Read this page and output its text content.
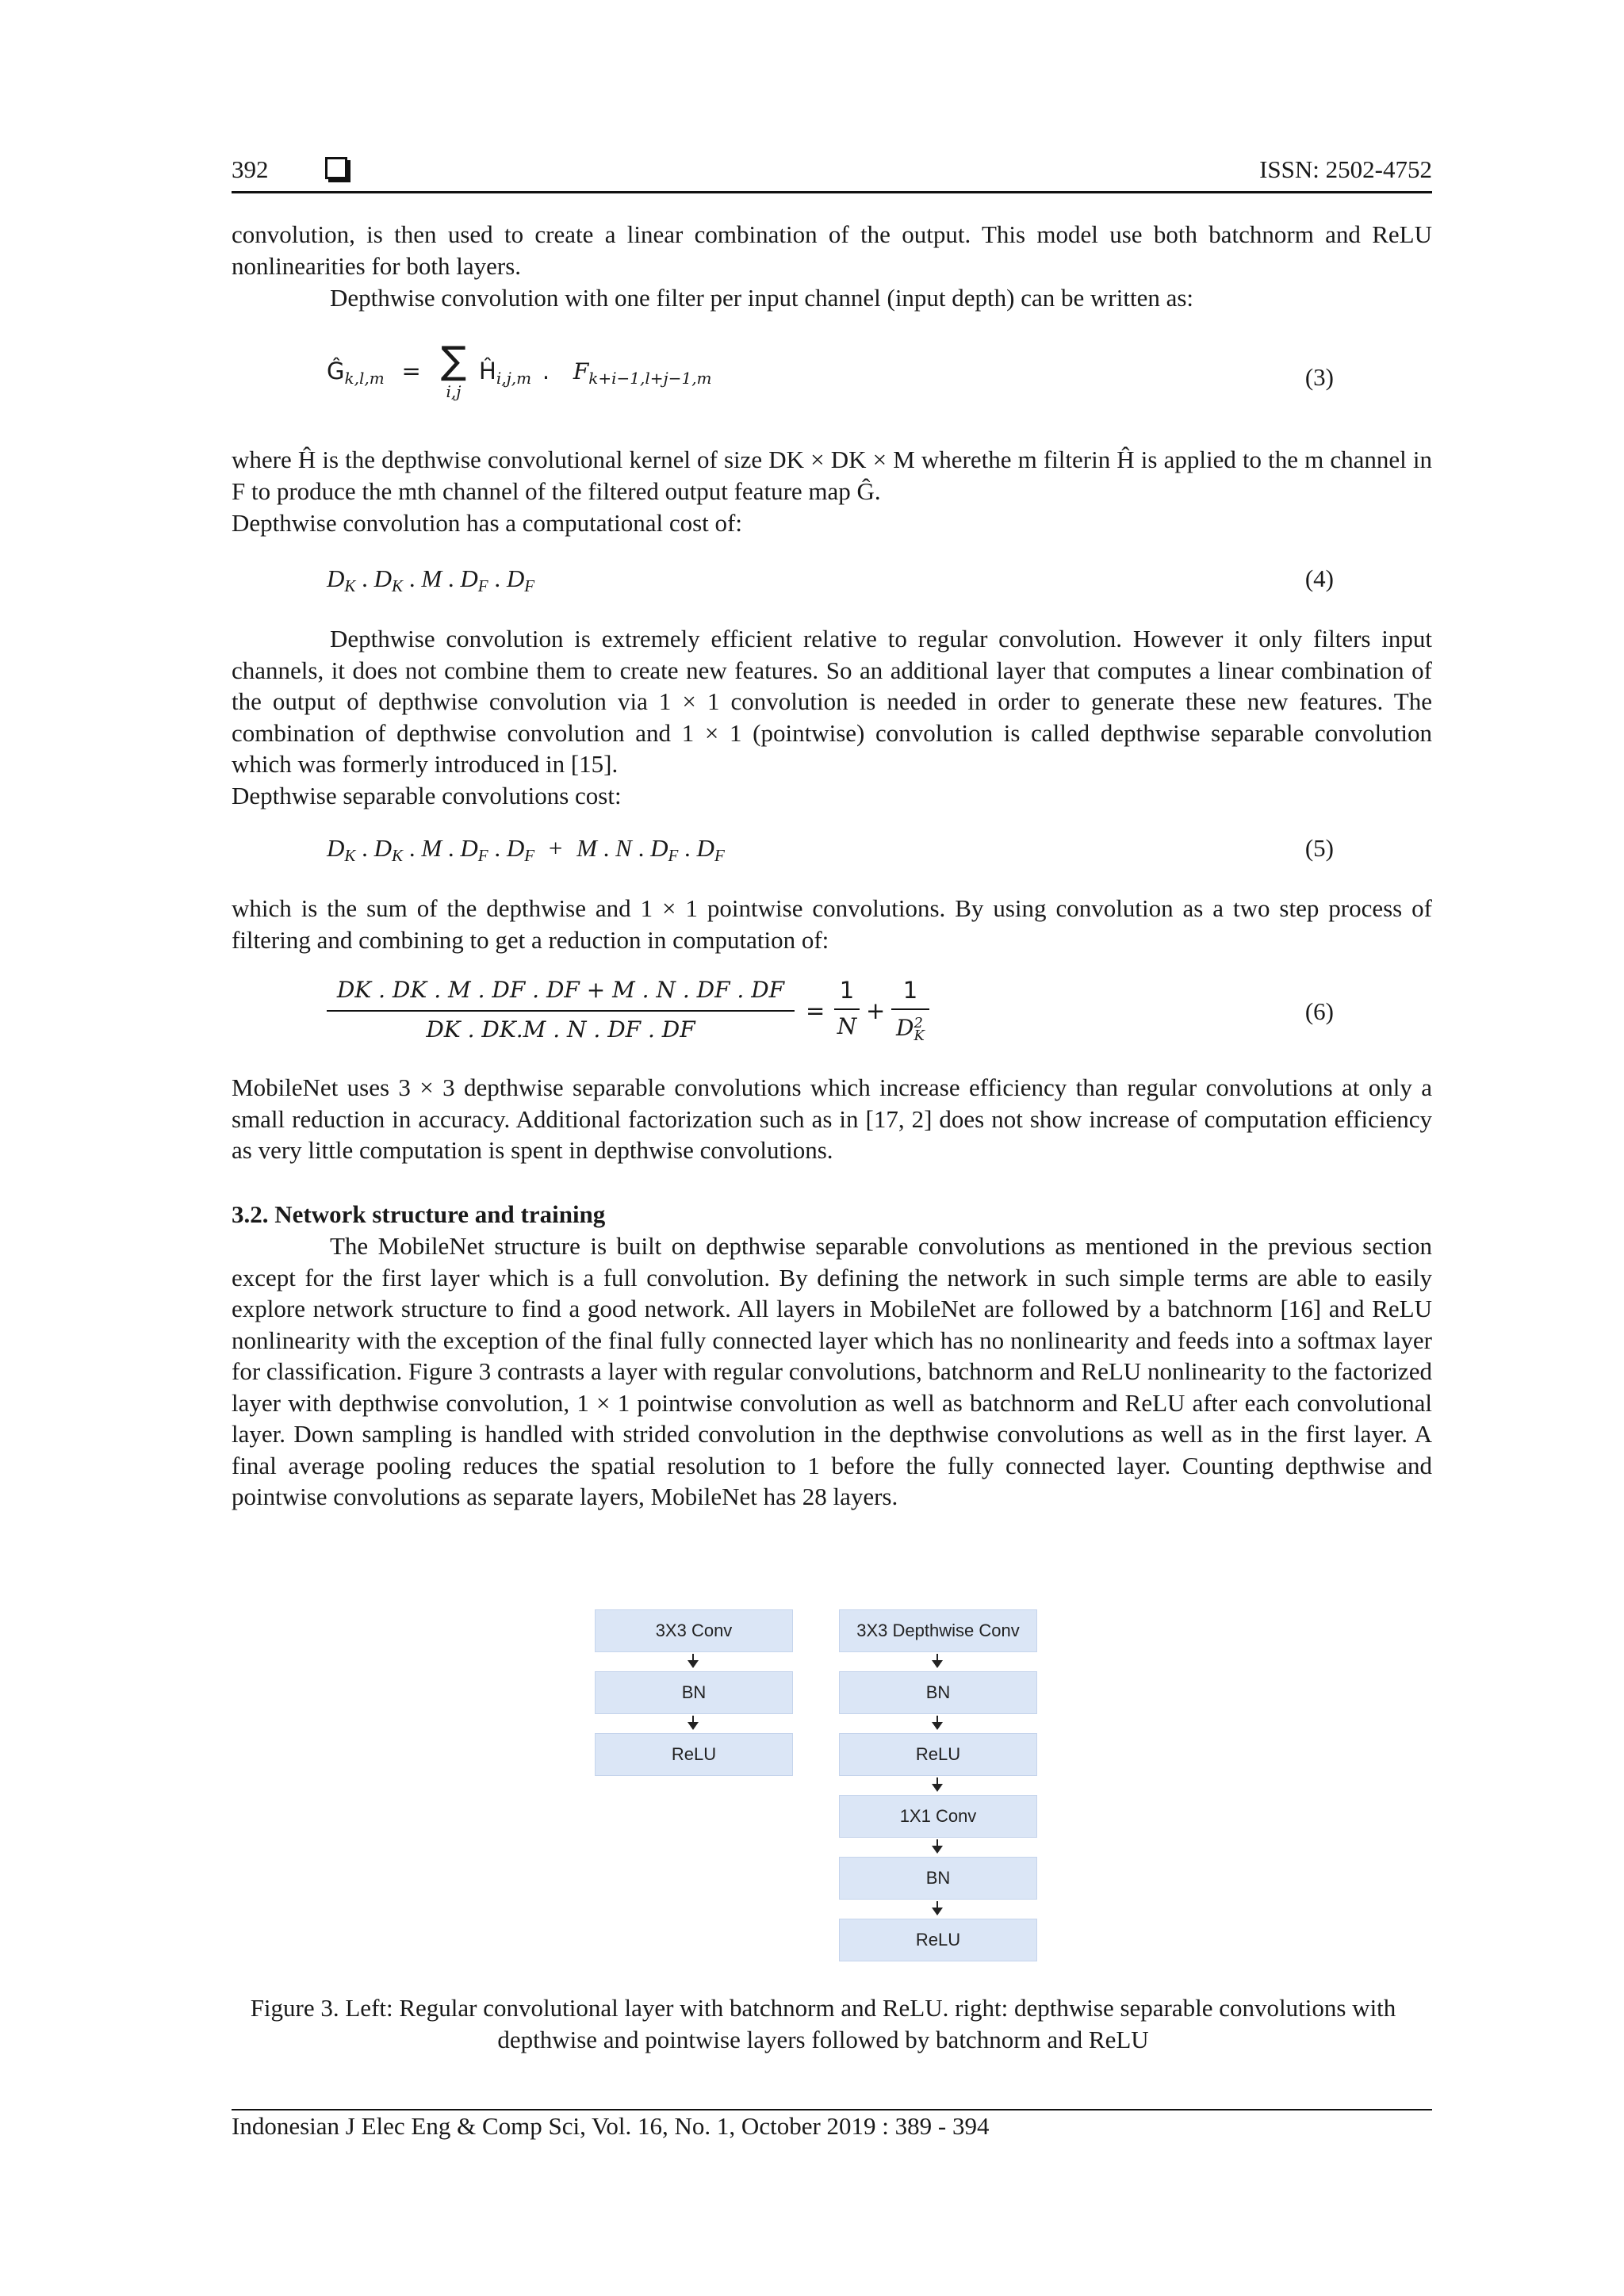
392	ISSN: 2502-4752

convolution, is then used to create a linear combination of the output. This model use both batchnorm and ReLU nonlinearities for both layers.

Depthwise convolution with one filter per input channel (input depth) can be written as:

Ĝk,l,m = ∑
i,j
Ĥi,j,m . Fk+i−1,l+j−1,m	(3)

where Ĥ is the depthwise convolutional kernel of size DK × DK × M wherethe m filterin Ĥ is applied to the m channel in F to produce the mth channel of the filtered output feature map Ĝ.

Depthwise convolution has a computational cost of:

$D_K$ . $D_K$ . M . $D_F$ . $D_F$	(4)

Depthwise convolution is extremely efficient relative to regular convolution. However it only filters input channels, it does not combine them to create new features. So an additional layer that computes a linear combination of the output of depthwise convolution via 1 × 1 convolution is needed in order to generate these new features. The combination of depthwise convolution and 1 × 1 (pointwise) convolution is called depthwise separable convolution which was formerly introduced in [15].

Depthwise separable convolutions cost:

$D_K$ . $D_K$ . M . $D_F$ . $D_F + M$ . N . $D_F$ . $D_F$	(5)

which is the sum of the depthwise and 1 × 1 pointwise convolutions. By using convolution as a two step process of filtering and combining to get a reduction in computation of:

DK . DK . M . DF . DF + M . N . DF . DF
DK . DK.M . N . DF . DF
=
1
N
+
1
D 2
K
(6)

MobileNet uses 3 × 3 depthwise separable convolutions which increase efficiency than regular convolutions at only a small reduction in accuracy. Additional factorization such as in [17, 2] does not show increase of computation efficiency as very little computation is spent in depthwise convolutions.

3.2. Network structure and training

The MobileNet structure is built on depthwise separable convolutions as mentioned in the previous section except for the first layer which is a full convolution. By defining the network in such simple terms are able to easily explore network structure to find a good network. All layers in MobileNet are followed by a batchnorm [16] and ReLU nonlinearity with the exception of the final fully connected layer which has no nonlinearity and feeds into a softmax layer for classification. Figure 3 contrasts a layer with regular convolutions, batchnorm and ReLU nonlinearity to the factorized layer with depthwise convolution, 1 × 1 pointwise convolution as well as batchnorm and ReLU after each convolutional layer. Down sampling is handled with strided convolution in the depthwise convolutions as well as in the first layer. A final average pooling reduces the spatial resolution to 1 before the fully connected layer. Counting depthwise and pointwise convolutions as separate layers, MobileNet has 28 layers.

3X3 Conv
BN
ReLU
3X3 Depthwise Conv
BN
ReLU
1X1 Conv
BN
ReLU
Figure 3. Left: Regular convolutional layer with batchnorm and ReLU. right: depthwise separable convolutions with depthwise and pointwise layers followed by batchnorm and ReLU
Indonesian J Elec Eng & Comp Sci, Vol. 16, No. 1, October 2019 : 389 - 394
